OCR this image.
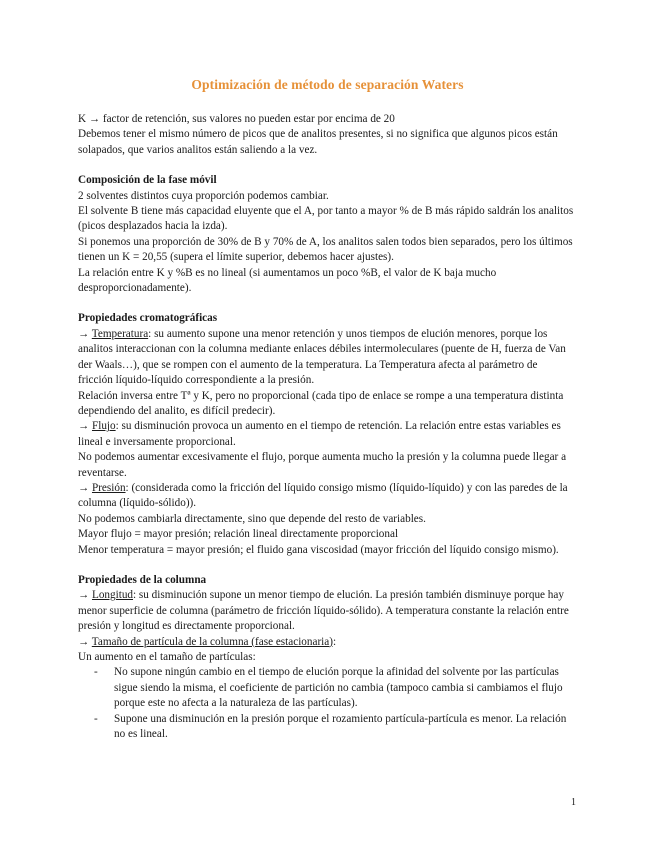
Optimización de método de separación Waters

K → factor de retención, sus valores no pueden estar por encima de 20

Debemos tener el mismo número de picos que de analitos presentes, si no significa que algunos picos están solapados, que varios analitos están saliendo a la vez.

Composición de la fase móvil

2 solventes distintos cuya proporción podemos cambiar.

El solvente B tiene más capacidad eluyente que el A, por tanto a mayor % de B más rápido saldrán los analitos (picos desplazados hacia la izda).

Si ponemos una proporción de 30% de B y 70% de A, los analitos salen todos bien separados, pero los últimos tienen un K = 20,55 (supera el límite superior, debemos hacer ajustes).

La relación entre K y %B es no lineal (si aumentamos un poco %B, el valor de K baja mucho desproporcionadamente).

Propiedades cromatográficas

→ Temperatura: su aumento supone una menor retención y unos tiempos de elución menores, porque los analitos interaccionan con la columna mediante enlaces débiles intermoleculares (puente de H, fuerza de Van der Waals…), que se rompen con el aumento de la temperatura. La Temperatura afecta al parámetro de fricción líquido-líquido correspondiente a la presión.

Relación inversa entre Tª y K, pero no proporcional (cada tipo de enlace se rompe a una temperatura distinta dependiendo del analito, es difícil predecir).

→ Flujo: su disminución provoca un aumento en el tiempo de retención. La relación entre estas variables es lineal e inversamente proporcional.

No podemos aumentar excesivamente el flujo, porque aumenta mucho la presión y la columna puede llegar a reventarse.

→ Presión: (considerada como la fricción del líquido consigo mismo (líquido-líquido) y con las paredes de la columna (líquido-sólido)).

No podemos cambiarla directamente, sino que depende del resto de variables.

Mayor flujo = mayor presión; relación lineal directamente proporcional

Menor temperatura = mayor presión; el fluido gana viscosidad (mayor fricción del líquido consigo mismo).

Propiedades de la columna

→ Longitud: su disminución supone un menor tiempo de elución. La presión también disminuye porque hay menor superficie de columna (parámetro de fricción líquido-sólido). A temperatura constante la relación entre presión y longitud es directamente proporcional.

→ Tamaño de partícula de la columna (fase estacionaria):

Un aumento en el tamaño de partículas:

- No supone ningún cambio en el tiempo de elución porque la afinidad del solvente por las partículas sigue siendo la misma, el coeficiente de partición no cambia (tampoco cambia si cambiamos el flujo porque este no afecta a la naturaleza de las partículas).
- Supone una disminución en la presión porque el rozamiento partícula-partícula es menor. La relación no es lineal.
1
